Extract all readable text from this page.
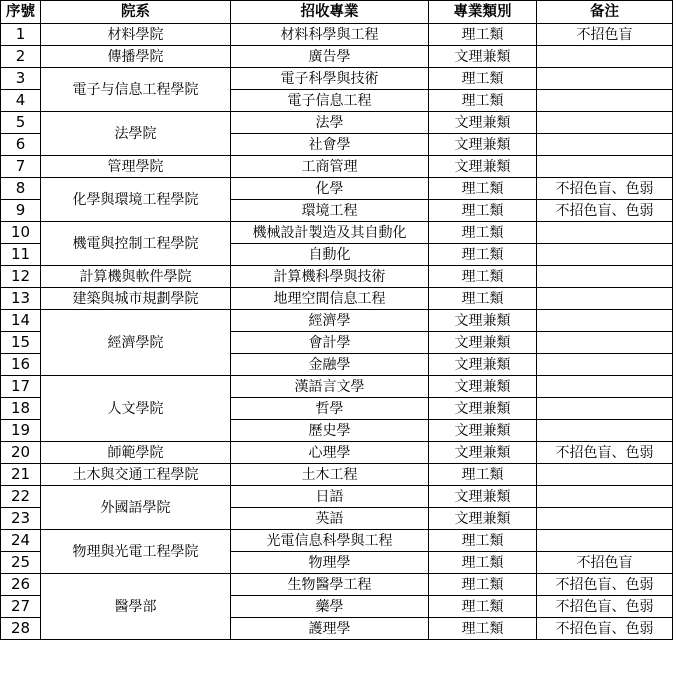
序號	院系	招收專業	專業類別	备注
1	材料學院	材料科學與工程	理工類	不招色盲
2	傳播學院	廣告學	文理兼類	
3	電子与信息工程學院	電子科學與技術	理工類	
4		電子信息工程	理工類	
5	法學院	法學	文理兼類	
6		社會學	文理兼類	
7	管理學院	工商管理	文理兼類	
8	化學與環境工程學院	化學	理工類	不招色盲、色弱
9		環境工程	理工類	不招色盲、色弱
10	機電與控制工程學院	機械設計製造及其自動化	理工類	
11		自動化	理工類	
12	計算機與軟件學院	計算機科學與技術	理工類	
13	建築與城市規劃學院	地理空間信息工程	理工類	
14	經濟學院	經濟學	文理兼類	
15		會計學	文理兼類	
16		金融學	文理兼類	
17	人文學院	漢語言文學	文理兼類	
18		哲學	文理兼類	
19		歷史學	文理兼類	
20	師範學院	心理學	文理兼類	不招色盲、色弱
21	土木與交通工程學院	土木工程	理工類	
22	外國語學院	日語	文理兼類	
23		英語	文理兼類	
24	物理與光電工程學院	光電信息科學與工程	理工類	
25		物理學	理工類	不招色盲
26	醫學部	生物醫學工程	理工類	不招色盲、色弱
27		藥學	理工類	不招色盲、色弱
28		護理學	理工類	不招色盲、色弱
